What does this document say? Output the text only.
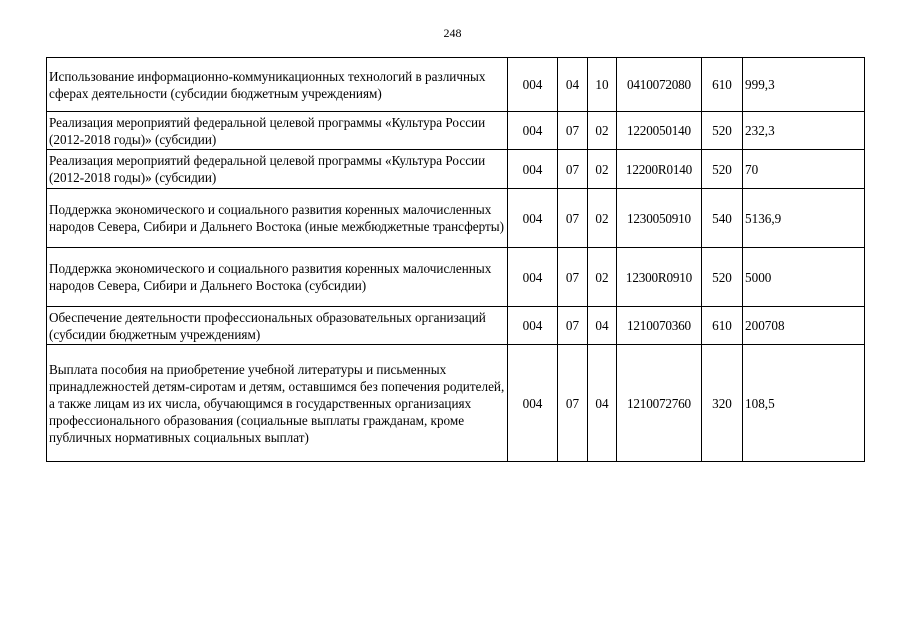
248
Использование информационно-коммуникационных технологий в различных сферах деятельности (субсидии бюджетным учреждениям)	004	04	10	0410072080	610	999,3
Реализация мероприятий федеральной целевой программы «Культура России (2012-2018 годы)» (субсидии)	004	07	02	1220050140	520	232,3
Реализация мероприятий федеральной целевой программы «Культура России (2012-2018 годы)» (субсидии)	004	07	02	12200R0140	520	70
Поддержка экономического и социального развития коренных малочисленных народов Севера, Сибири и Дальнего Востока (иные межбюджетные трансферты)	004	07	02	1230050910	540	5136,9
Поддержка экономического и социального развития коренных малочисленных народов Севера, Сибири и Дальнего Востока (субсидии)	004	07	02	12300R0910	520	5000
Обеспечение деятельности профессиональных образовательных организаций (субсидии бюджетным учреждениям)	004	07	04	1210070360	610	200708
Выплата пособия на приобретение учебной литературы и письменных принадлежностей детям-сиротам и детям, оставшимся без попечения родителей, а также лицам из их числа, обучающимся в государственных организациях профессионального образования (социальные выплаты гражданам, кроме публичных нормативных социальных выплат)	004	07	04	1210072760	320	108,5
